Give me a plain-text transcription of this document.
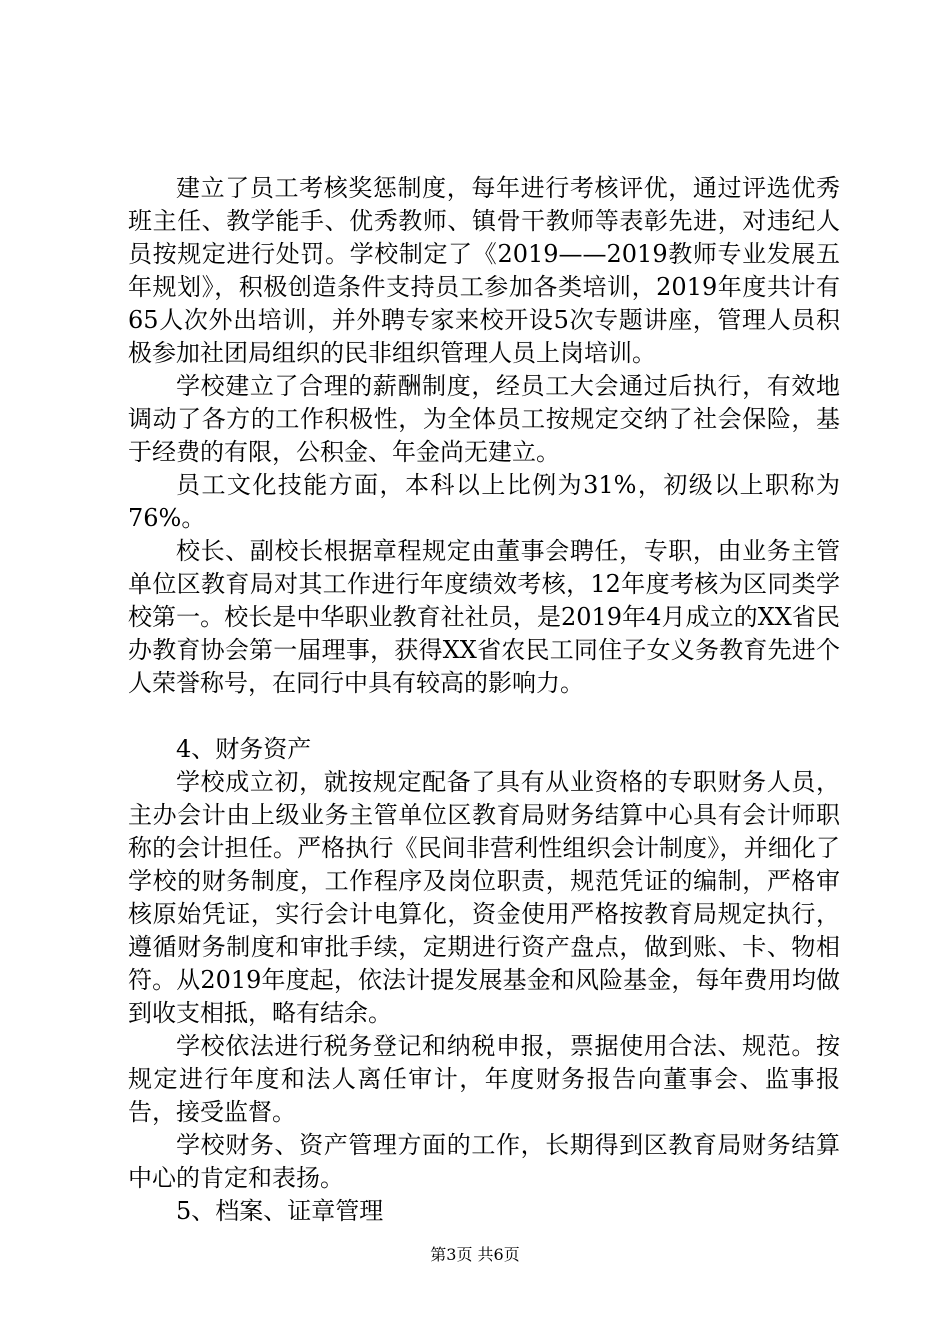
建立了员工考核奖惩制度，每年进行考核评优，通过评选优秀班主任、教学能手、优秀教师、镇骨干教师等表彰先进，对违纪人员按规定进行处罚。学校制定了《2019——2019教师专业发展五年规划》，积极创造条件支持员工参加各类培训，2019年度共计有65人次外出培训，并外聘专家来校开设5次专题讲座，管理人员积极参加社团局组织的民非组织管理人员上岗培训。

学校建立了合理的薪酬制度，经员工大会通过后执行，有效地调动了各方的工作积极性，为全体员工按规定交纳了社会保险，基于经费的有限，公积金、年金尚无建立。

员工文化技能方面，本科以上比例为31%，初级以上职称为76%。

校长、副校长根据章程规定由董事会聘任，专职，由业务主管单位区教育局对其工作进行年度绩效考核，12年度考核为区同类学校第一。校长是中华职业教育社社员，是2019年4月成立的XX省民办教育协会第一届理事，获得XX省农民工同住子女义务教育先进个人荣誉称号，在同行中具有较高的影响力。

4、财务资产

学校成立初，就按规定配备了具有从业资格的专职财务人员，主办会计由上级业务主管单位区教育局财务结算中心具有会计师职称的会计担任。严格执行《民间非营利性组织会计制度》，并细化了学校的财务制度，工作程序及岗位职责，规范凭证的编制，严格审核原始凭证，实行会计电算化，资金使用严格按教育局规定执行，遵循财务制度和审批手续，定期进行资产盘点，做到账、卡、物相符。从2019年度起，依法计提发展基金和风险基金，每年费用均做到收支相抵，略有结余。

学校依法进行税务登记和纳税申报，票据使用合法、规范。按规定进行年度和法人离任审计，年度财务报告向董事会、监事报告，接受监督。

学校财务、资产管理方面的工作，长期得到区教育局财务结算中心的肯定和表扬。

5、档案、证章管理

第3页 共6页
